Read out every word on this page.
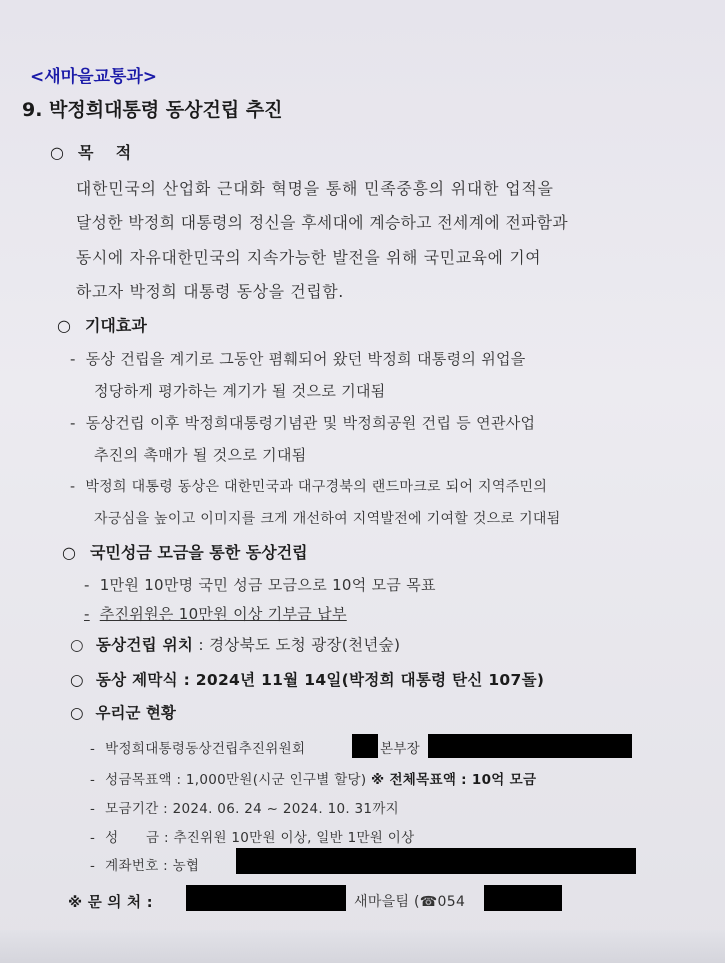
<새마을교통과>
9. 박정희대통령 동상건립 추진
○ 목    적
대한민국의 산업화 근대화 혁명을 통해 민족중흥의 위대한 업적을
달성한 박정희 대통령의 정신을 후세대에 계승하고 전세계에 전파함과
동시에 자유대한민국의 지속가능한 발전을 위해 국민교육에 기여
하고자 박정희 대통령 동상을 건립함.
○ 기대효과
- 동상 건립을 계기로 그동안 폄훼되어 왔던 박정희 대통령의 위업을
정당하게 평가하는 계기가 될 것으로 기대됨
- 동상건립 이후 박정희대통령기념관 및 박정희공원 건립 등 연관사업
추진의 촉매가 될 것으로 기대됨
- 박정희 대통령 동상은 대한민국과 대구경북의 랜드마크로 되어 지역주민의
자긍심을 높이고 이미지를 크게 개선하여 지역발전에 기여할 것으로 기대됨
○ 국민성금 모금을 통한 동상건립
- 1만원 10만명 국민 성금 모금으로 10억 모금 목표
- 추진위원은 10만원 이상 기부금 납부
○ 동상건립 위치 : 경상북도 도청 광장(천년숲)
○ 동상 제막식 : 2024년 11월 14일(박정희 대통령 탄신 107돌)
○ 우리군 현황
- 박정희대통령동상건립추진위원회	본부장
- 성금목표액 : 1,000만원(시군 인구별 할당) ※ 전체목표액 : 10억 모금
- 모금기간 : 2024. 06. 24 ~ 2024. 10. 31까지
- 성      금 : 추진위원 10만원 이상, 일반 1만원 이상
- 계좌번호 : 농협
※ 문 의 처 :	새마을팀 (☎054
